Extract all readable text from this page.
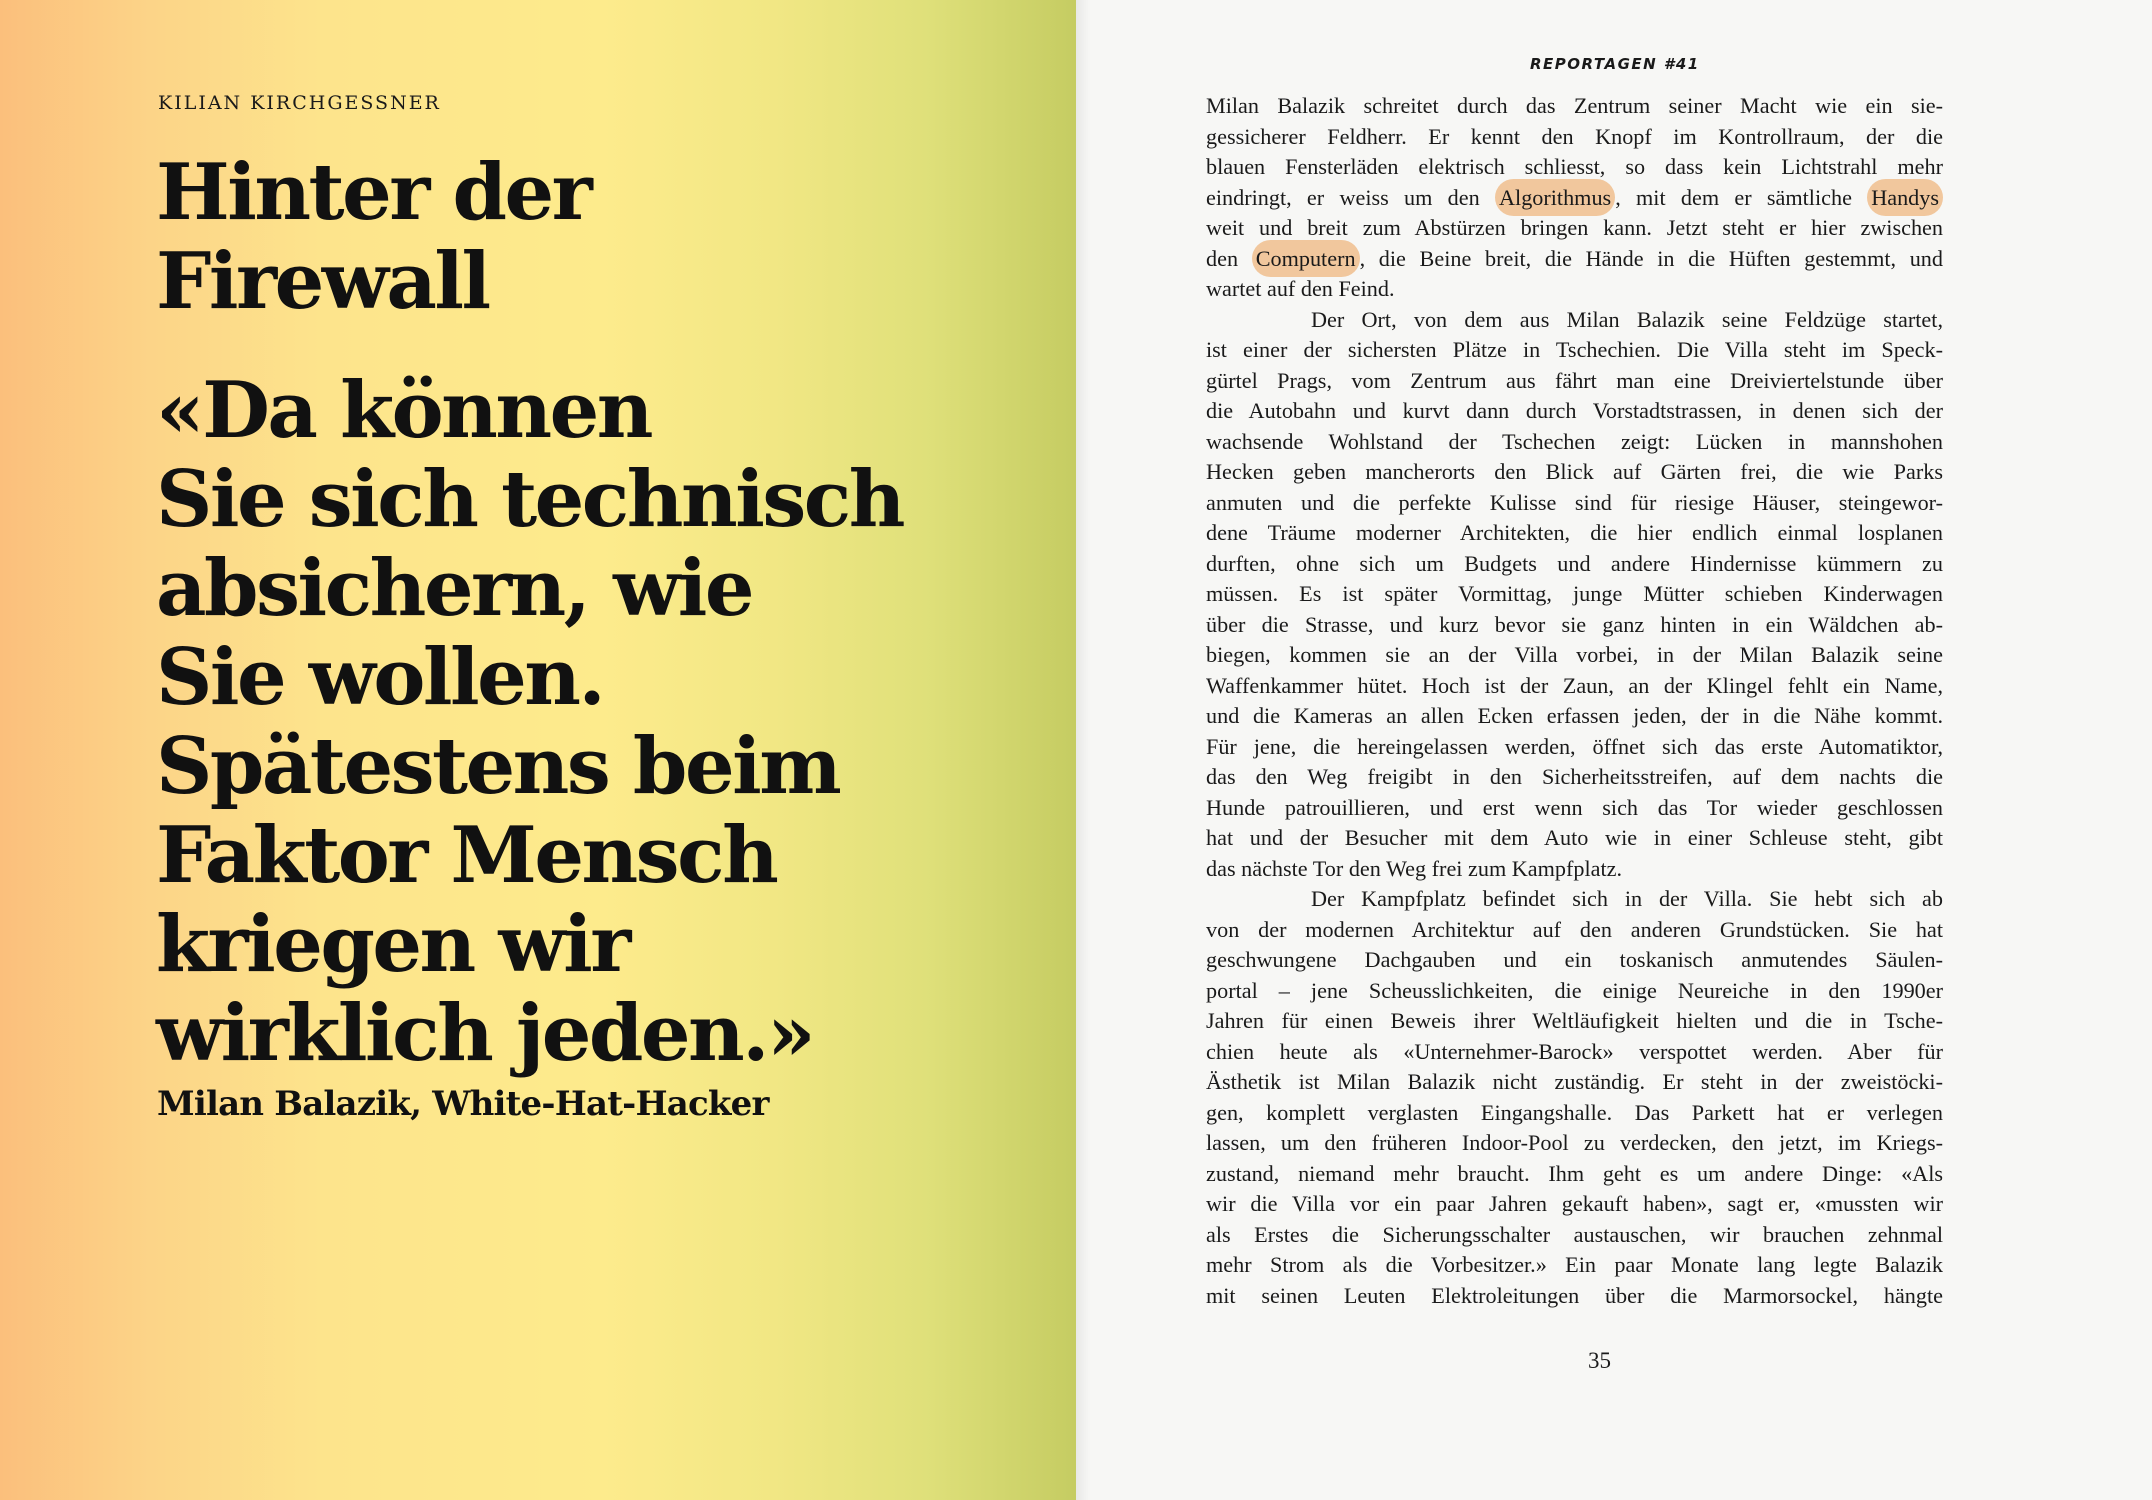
KILIAN KIRCHGESSNER
Hinter der
Firewall
«Da können
Sie sich technisch
absichern, wie
Sie wollen.
Spätestens beim
Faktor Mensch
kriegen wir
wirklich jeden.»
Milan Balazik, White-Hat-Hacker
REPORTAGEN #41
Milan Balazik schreitet durch das Zentrum seiner Macht wie ein sie-
gessicherer Feldherr. Er kennt den Knopf im Kontrollraum, der die
blauen Fensterläden elektrisch schliesst, so dass kein Lichtstrahl mehr
eindringt, er weiss um den Algorithmus , mit dem er sämtliche Handys
weit und breit zum Abstürzen bringen kann. Jetzt steht er hier zwischen
den Computern , die Beine breit, die Hände in die Hüften gestemmt, und
wartet auf den Feind.
Der Ort, von dem aus Milan Balazik seine Feldzüge startet,
ist einer der sichersten Plätze in Tschechien. Die Villa steht im Speck-
gürtel Prags, vom Zentrum aus fährt man eine Dreiviertelstunde über
die Autobahn und kurvt dann durch Vorstadtstrassen, in denen sich der
wachsende Wohlstand der Tschechen zeigt: Lücken in mannshohen
Hecken geben mancherorts den Blick auf Gärten frei, die wie Parks
anmuten und die perfekte Kulisse sind für riesige Häuser, steingewor-
dene Träume moderner Architekten, die hier endlich einmal losplanen
durften, ohne sich um Budgets und andere Hindernisse kümmern zu
müssen. Es ist später Vormittag, junge Mütter schieben Kinderwagen
über die Strasse, und kurz bevor sie ganz hinten in ein Wäldchen ab-
biegen, kommen sie an der Villa vorbei, in der Milan Balazik seine
Waffenkammer hütet. Hoch ist der Zaun, an der Klingel fehlt ein Name,
und die Kameras an allen Ecken erfassen jeden, der in die Nähe kommt.
Für jene, die hereingelassen werden, öffnet sich das erste Automatiktor,
das den Weg freigibt in den Sicherheitsstreifen, auf dem nachts die
Hunde patrouillieren, und erst wenn sich das Tor wieder geschlossen
hat und der Besucher mit dem Auto wie in einer Schleuse steht, gibt
das nächste Tor den Weg frei zum Kampfplatz.
Der Kampfplatz befindet sich in der Villa. Sie hebt sich ab
von der modernen Architektur auf den anderen Grundstücken. Sie hat
geschwungene Dachgauben und ein toskanisch anmutendes Säulen-
portal – jene Scheusslichkeiten, die einige Neureiche in den 1990er
Jahren für einen Beweis ihrer Weltläufigkeit hielten und die in Tsche-
chien heute als «Unternehmer-Barock» verspottet werden. Aber für
Ästhetik ist Milan Balazik nicht zuständig. Er steht in der zweistöcki-
gen, komplett verglasten Eingangshalle. Das Parkett hat er verlegen
lassen, um den früheren Indoor-Pool zu verdecken, den jetzt, im Kriegs-
zustand, niemand mehr braucht. Ihm geht es um andere Dinge: «Als
wir die Villa vor ein paar Jahren gekauft haben», sagt er, «mussten wir
als Erstes die Sicherungsschalter austauschen, wir brauchen zehnmal
mehr Strom als die Vorbesitzer.» Ein paar Monate lang legte Balazik
mit seinen Leuten Elektroleitungen über die Marmorsockel, hängte
35
